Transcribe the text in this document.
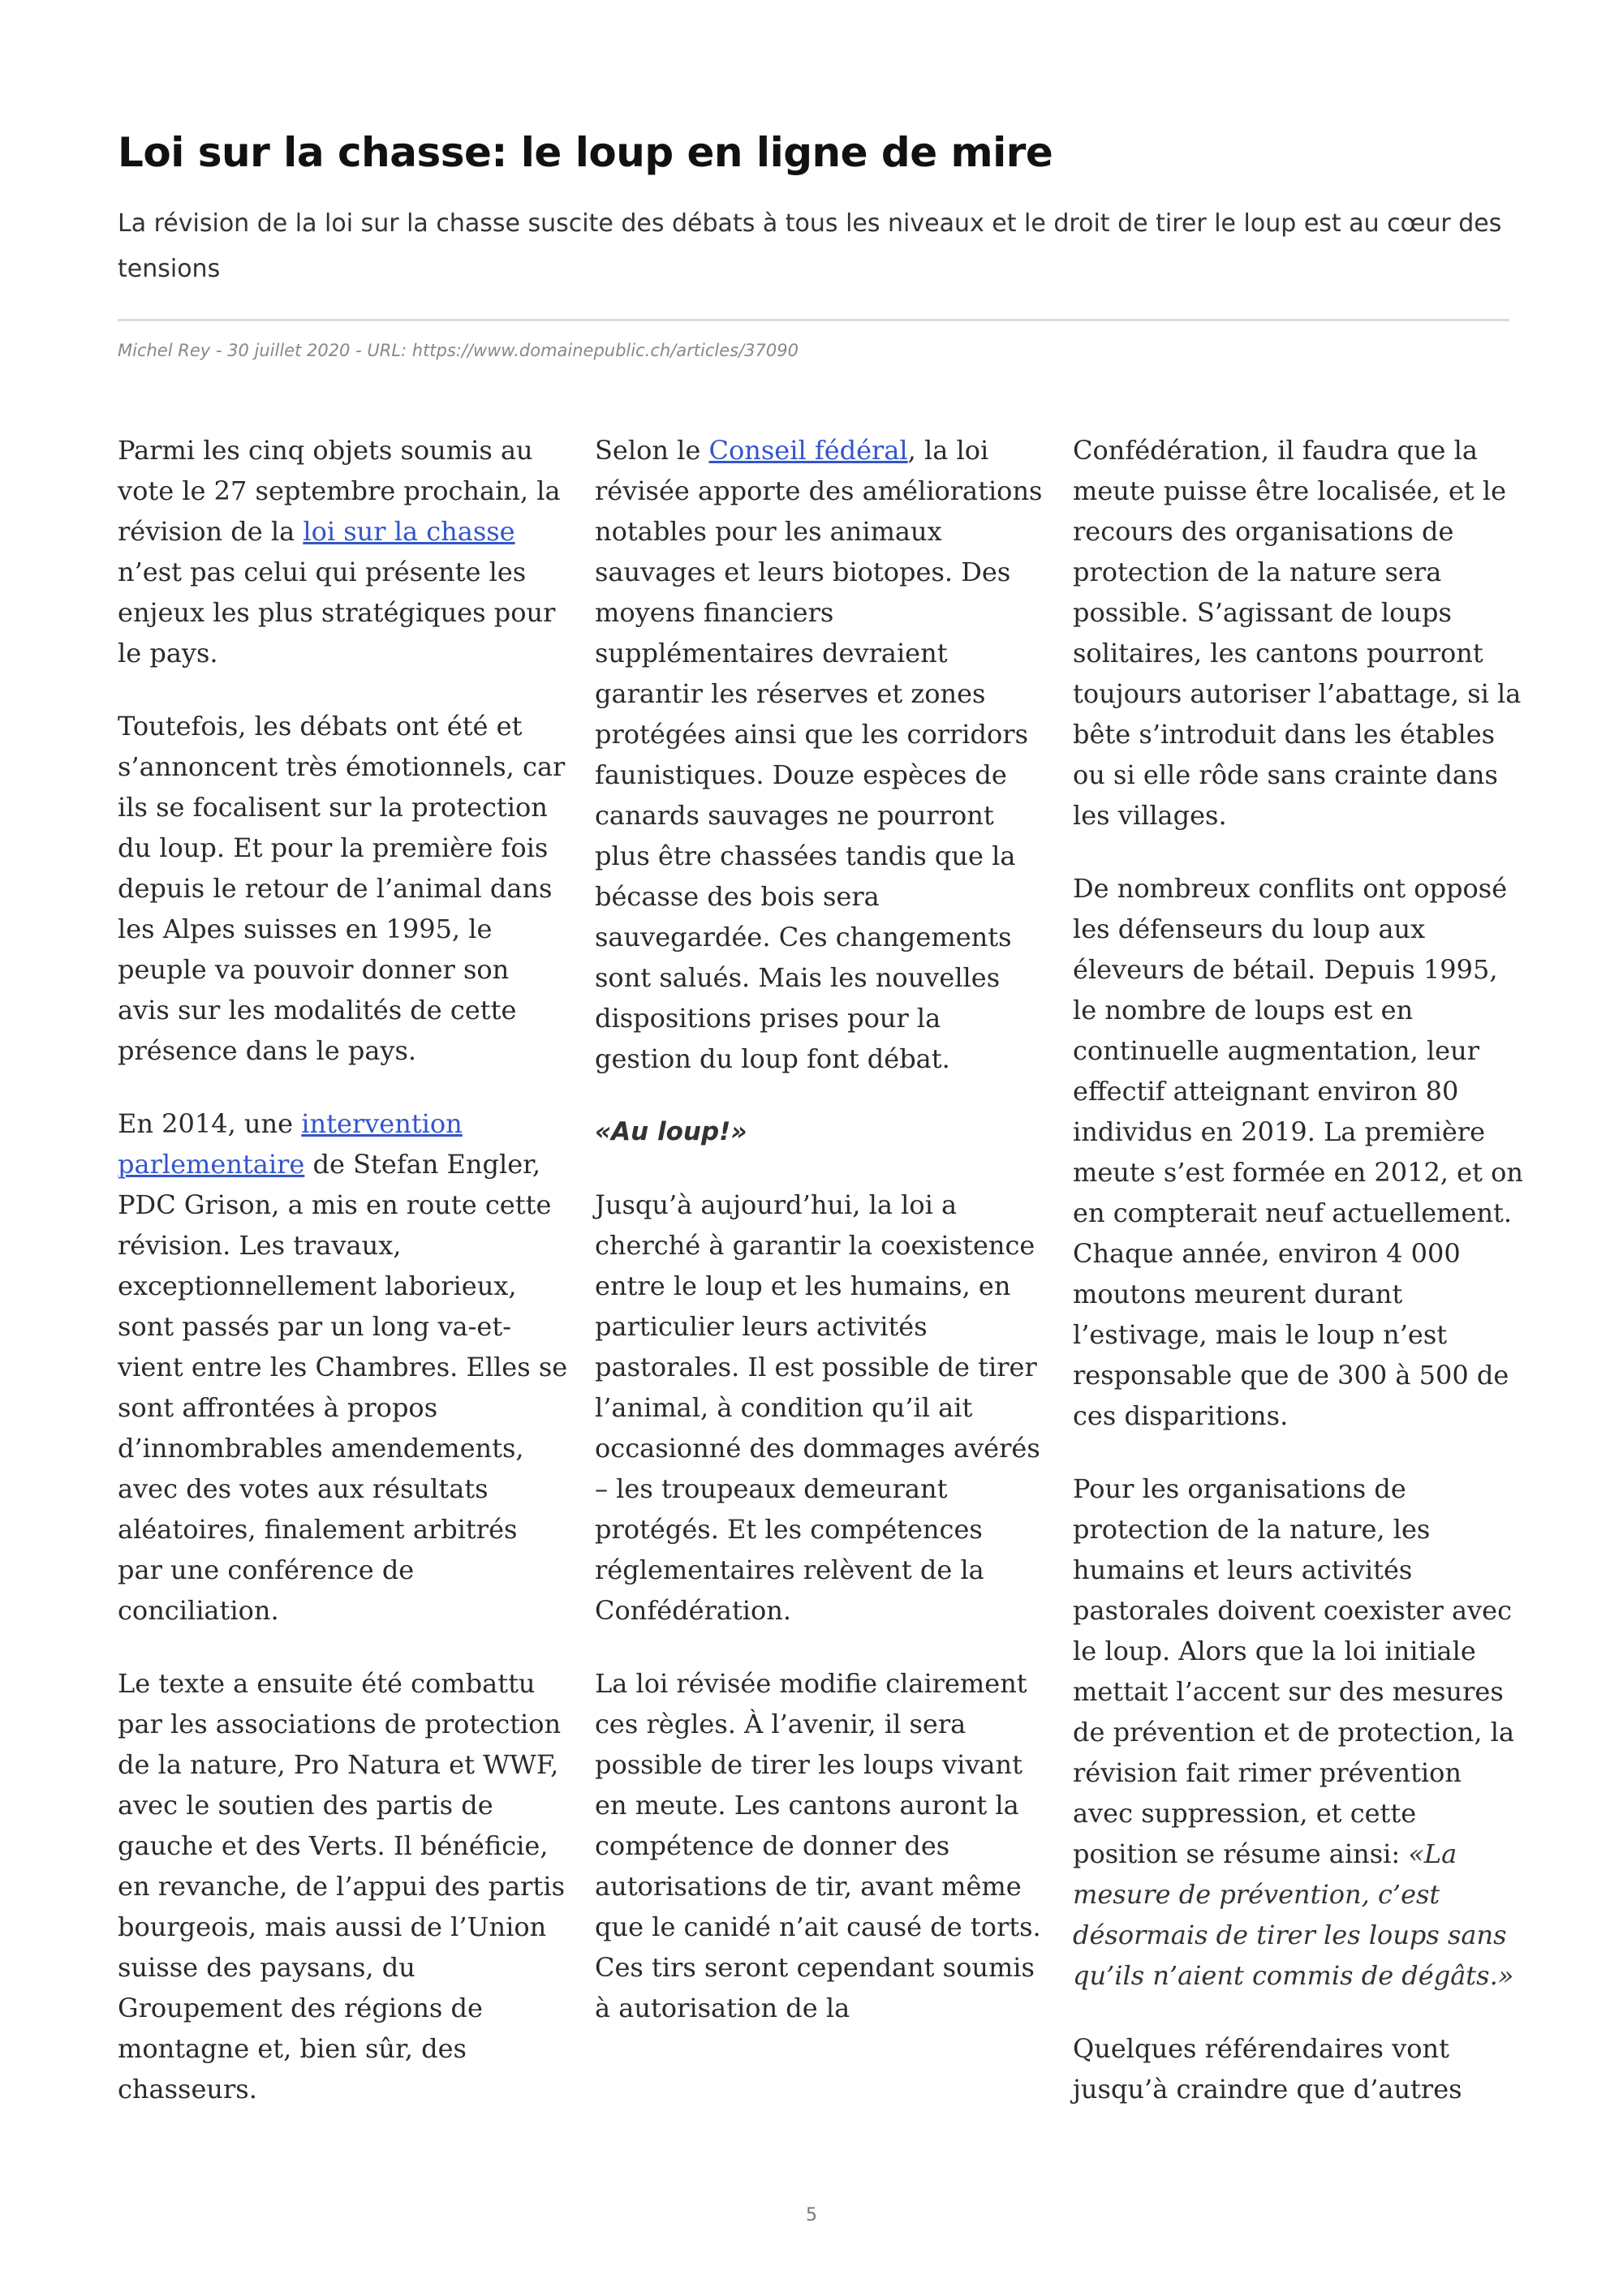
Loi sur la chasse: le loup en ligne de mire

La révision de la loi sur la chasse suscite des débats à tous les niveaux et le droit de tirer le loup est au cœur des tensions

Michel Rey - 30 juillet 2020 - URL: https://www.domainepublic.ch/articles/37090

Parmi les cinq objets soumis au vote le 27 septembre prochain, la révision de la loi sur la chasse n’est pas celui qui présente les enjeux les plus stratégiques pour le pays.

Toutefois, les débats ont été et s’annoncent très émotionnels, car ils se focalisent sur la protection du loup. Et pour la première fois depuis le retour de l’animal dans les Alpes suisses en 1995, le peuple va pouvoir donner son avis sur les modalités de cette présence dans le pays.

En 2014, une intervention parlementaire de Stefan Engler, PDC Grison, a mis en route cette révision. Les travaux, exceptionnellement laborieux, sont passés par un long va-et-vient entre les Chambres. Elles se sont affrontées à propos d’innombrables amendements, avec des votes aux résultats aléatoires, finalement arbitrés par une conférence de conciliation.

Le texte a ensuite été combattu par les associations de protection de la nature, Pro Natura et WWF, avec le soutien des partis de gauche et des Verts. Il bénéficie, en revanche, de l’appui des partis bourgeois, mais aussi de l’Union suisse des paysans, du Groupement des régions de montagne et, bien sûr, des chasseurs.

Selon le Conseil fédéral, la loi révisée apporte des améliorations notables pour les animaux sauvages et leurs biotopes. Des moyens financiers supplémentaires devraient garantir les réserves et zones protégées ainsi que les corridors faunistiques. Douze espèces de canards sauvages ne pourront plus être chassées tandis que la bécasse des bois sera sauvegardée. Ces changements sont salués. Mais les nouvelles dispositions prises pour la gestion du loup font débat.

«Au loup!»

Jusqu’à aujourd’hui, la loi a cherché à garantir la coexistence entre le loup et les humains, en particulier leurs activités pastorales. Il est possible de tirer l’animal, à condition qu’il ait occasionné des dommages avérés – les troupeaux demeurant protégés. Et les compétences réglementaires relèvent de la Confédération.

La loi révisée modifie clairement ces règles. À l’avenir, il sera possible de tirer les loups vivant en meute. Les cantons auront la compétence de donner des autorisations de tir, avant même que le canidé n’ait causé de torts. Ces tirs seront cependant soumis à autorisation de la

Confédération, il faudra que la meute puisse être localisée, et le recours des organisations de protection de la nature sera possible. S’agissant de loups solitaires, les cantons pourront toujours autoriser l’abattage, si la bête s’introduit dans les étables ou si elle rôde sans crainte dans les villages.

De nombreux conflits ont opposé les défenseurs du loup aux éleveurs de bétail. Depuis 1995, le nombre de loups est en continuelle augmentation, leur effectif atteignant environ 80 individus en 2019. La première meute s’est formée en 2012, et on en compterait neuf actuellement. Chaque année, environ 4 000 moutons meurent durant l’estivage, mais le loup n’est responsable que de 300 à 500 de ces disparitions.

Pour les organisations de protection de la nature, les humains et leurs activités pastorales doivent coexister avec le loup. Alors que la loi initiale mettait l’accent sur des mesures de prévention et de protection, la révision fait rimer prévention avec suppression, et cette position se résume ainsi: «La mesure de prévention, c’est désormais de tirer les loups sans qu’ils n’aient commis de dégâts.»

Quelques référendaires vont jusqu’à craindre que d’autres

5
